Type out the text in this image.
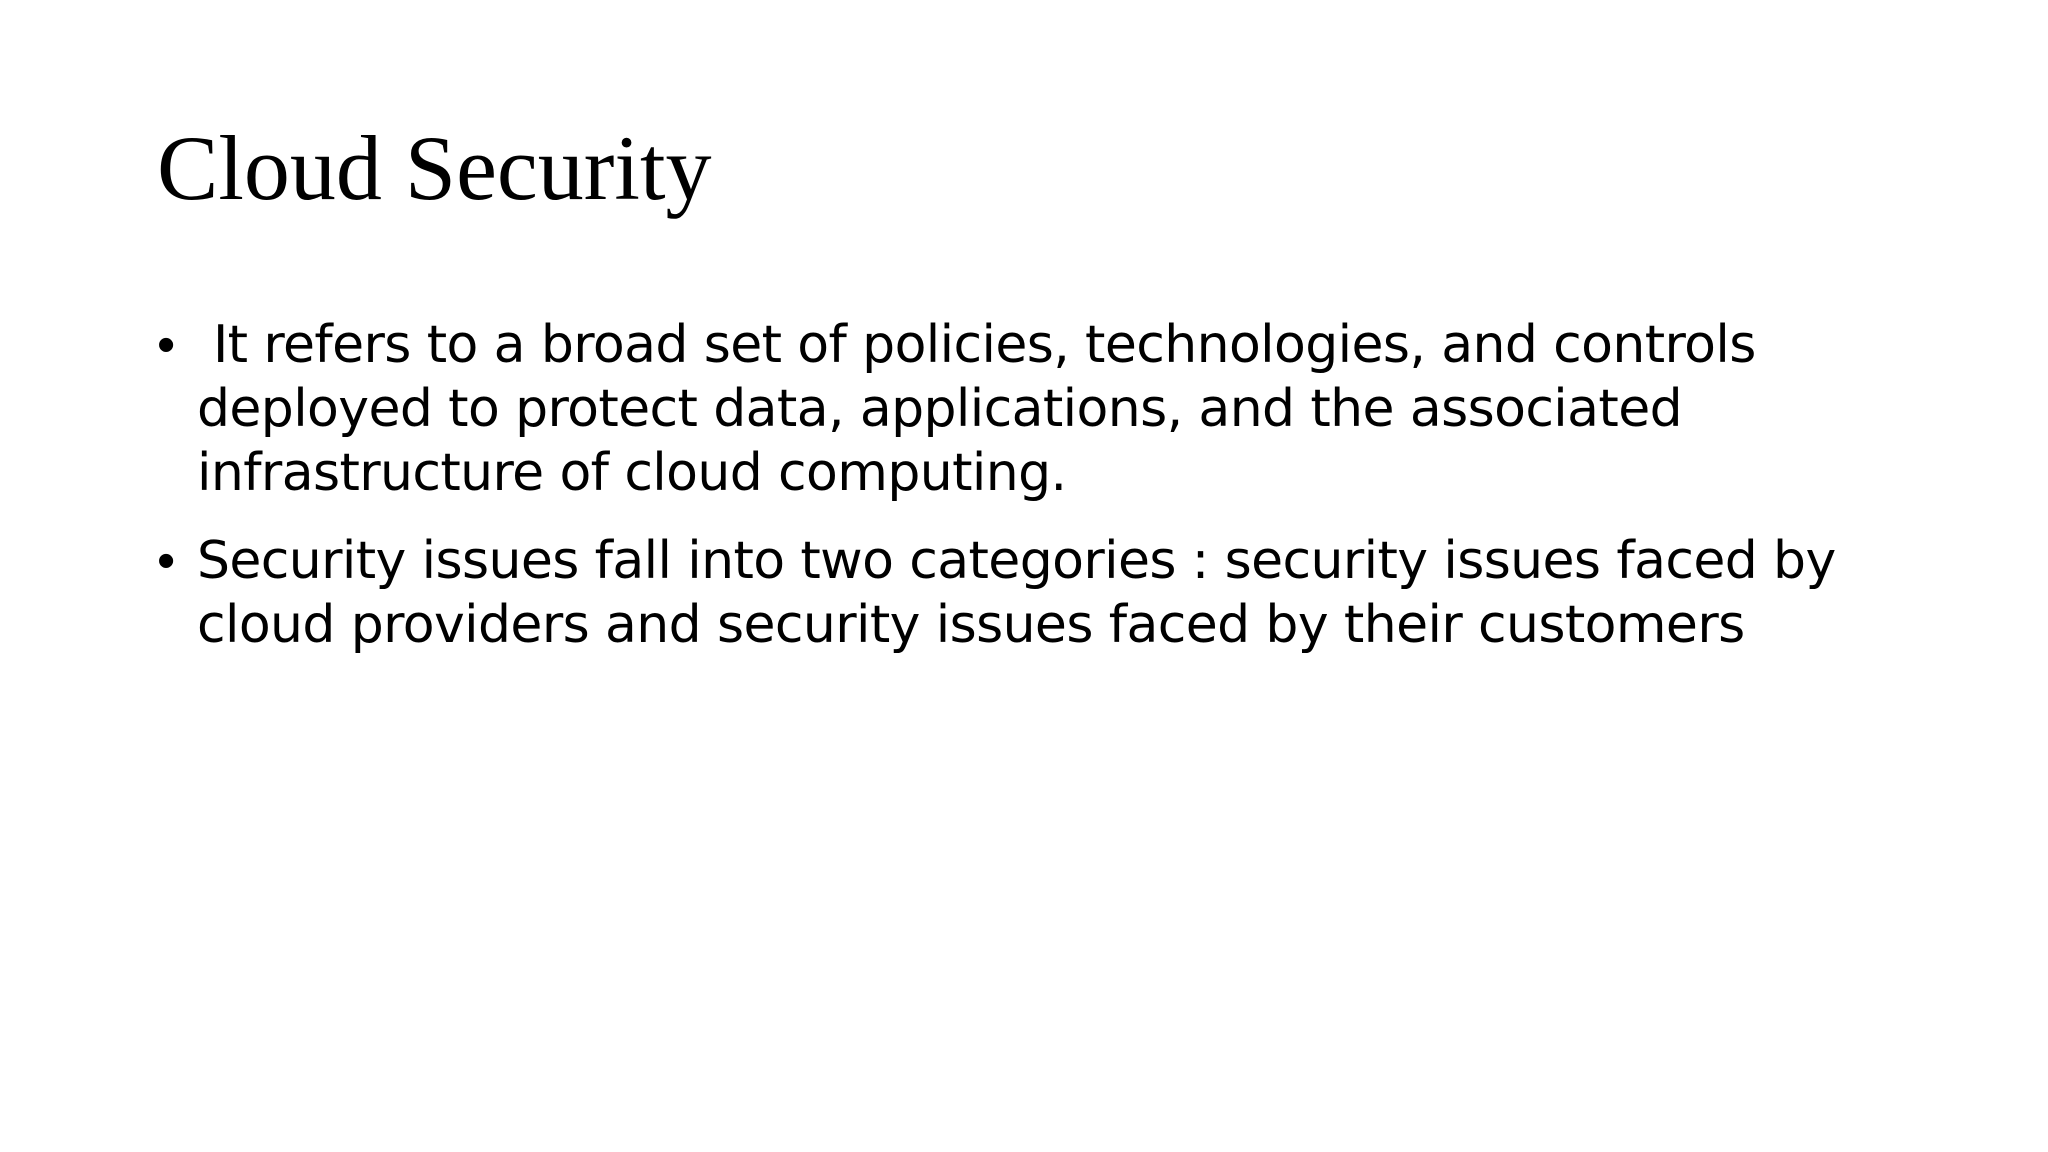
Cloud Security
• It refers to a broad set of policies, technologies, and controls deployed to protect data, applications, and the associated infrastructure of cloud computing.
• Security issues fall into two categories : security issues faced by cloud providers and security issues faced by their customers
